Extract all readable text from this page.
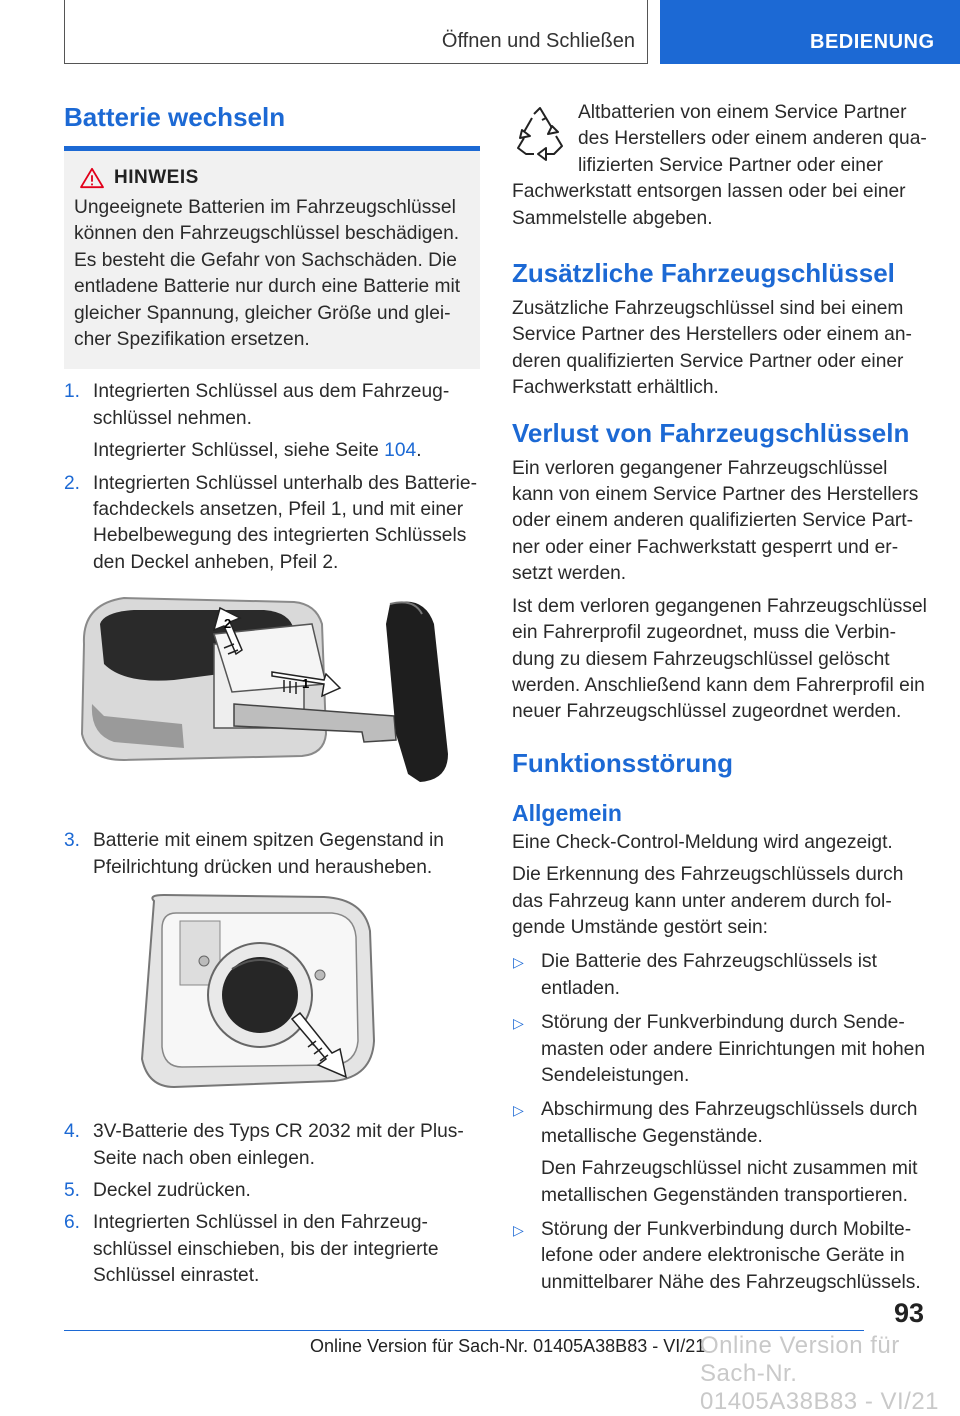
Öffnen und Schließen	BEDIENUNG
Batterie wechseln
HINWEIS

Ungeeignete Batterien im Fahrzeugschlüssel können den Fahrzeugschlüssel beschädigen. Es besteht die Gefahr von Sachschäden. Die entladene Batterie nur durch eine Batterie mit gleicher Spannung, gleicher Größe und gleicher Spezifikation ersetzen.

1. Integrierten Schlüssel aus dem Fahrzeugschlüssel nehmen.

Integrierter Schlüssel, siehe Seite 104.

2. Integrierten Schlüssel unterhalb des Batteriefachdeckels ansetzen, Pfeil 1, und mit einer Hebelbewegung des integrierten Schlüssels den Deckel anheben, Pfeil 2.

1
2
3. Batterie mit einem spitzen Gegenstand in Pfeilrichtung drücken und herausheben.

4. 3V-Batterie des Typs CR 2032 mit der PlusSeite nach oben einlegen.

5. Deckel zudrücken.

6. Integrierten Schlüssel in den Fahrzeugschlüssel einschieben, bis der integrierte Schlüssel einrastet.

Altbatterien von einem Service Partner des Herstellers oder einem anderen qualifizierten Service Partner oder einer Fachwerkstatt entsorgen lassen oder bei einer Sammelstelle abgeben.

Zusätzliche Fahrzeugschlüssel

Zusätzliche Fahrzeugschlüssel sind bei einem Service Partner des Herstellers oder einem anderen qualifizierten Service Partner oder einer Fachwerkstatt erhältlich.

Verlust von Fahrzeugschlüsseln

Ein verloren gegangener Fahrzeugschlüssel kann von einem Service Partner des Herstellers oder einem anderen qualifizierten Service Partner oder einer Fachwerkstatt gesperrt und ersetzt werden.

Ist dem verloren gegangenen Fahrzeugschlüssel ein Fahrerprofil zugeordnet, muss die Verbindung zu diesem Fahrzeugschlüssel gelöscht werden. Anschließend kann dem Fahrerprofil ein neuer Fahrzeugschlüssel zugeordnet werden.

Funktionsstörung
Allgemein

Eine Check-Control-Meldung wird angezeigt.

Die Erkennung des Fahrzeugschlüssels durch das Fahrzeug kann unter anderem durch folgende Umstände gestört sein:

▷ Die Batterie des Fahrzeugschlüssels ist entladen.

▷ Störung der Funkverbindung durch Sendemasten oder andere Einrichtungen mit hohen Sendeleistungen.

▷ Abschirmung des Fahrzeugschlüssels durch metallische Gegenstände.

Den Fahrzeugschlüssel nicht zusammen mit metallischen Gegenständen transportieren.

▷ Störung der Funkverbindung durch Mobiltelefone oder andere elektronische Geräte in unmittelbarer Nähe des Fahrzeugschlüssels.

93
Online Version für Sach-Nr. 01405A38B83 - VI/21
Online Version für Sach-Nr. 01405A38B83 - VI/21
